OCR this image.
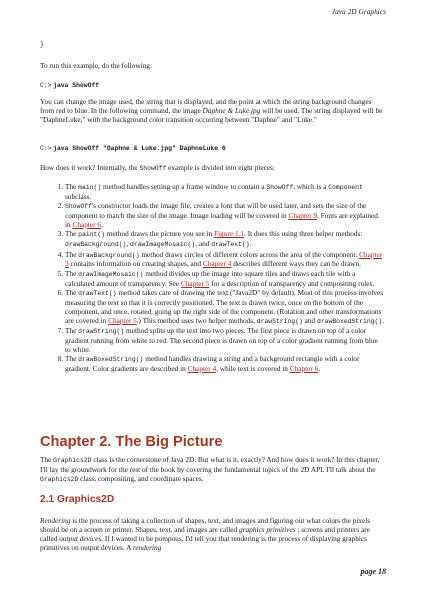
Java 2D Graphics
}

To run this example, do the following:

C:> java ShowOff

You can change the image used, the string that is displayed, and the point at which the string background changes from red to blue. In the following command, the image Daphne & Luke.jpg will be used. The string displayed will be "DaphneLuke," with the background color transition occurring between "Daphne" and "Luke."

C:> java ShowOff "Daphne & Luke.jpg" DaphneLuke 6

How does it work? Internally, the ShowOff example is divided into eight pieces:

1. The main() method handles setting up a frame window to contain a ShowOff, which is a Component subclass.
2. ShowOff's constructor loads the image file, creates a font that will be used later, and sets the size of the component to match the size of the image. Image loading will be covered in Chapter 9. Fonts are explained in Chapter 6.
3. The paint() method draws the picture you see in Figure 1.1. It does this using three helper methods: drawBackground(), drawImageMosaic(), and drawText().
4. The drawBackground() method draws circles of different colors across the area of the component. Chapter 3 contains information on creating shapes, and Chapter 4 describes different ways they can be drawn.
5. The drawImageMosaic() method divides up the image into square tiles and draws each tile with a calculated amount of transparency. See Chapter 5 for a description of transparency and compositing rules.
6. The drawText() method takes care of drawing the text ("Java2D" by default). Most of this process involves measuring the text so that it is correctly positioned. The text is drawn twice, once on the bottom of the component, and once, rotated, going up the right side of the component. (Rotation and other transformations are covered in Chapter 5.) This method uses two helper methods, drawString() and drawBoxedString().
7. The drawString() method splits up the text into two pieces. The first piece is drawn on top of a color gradient running from white to red. The second piece is drawn on top of a color gradient running from blue to white.
8. The drawBoxedString() method handles drawing a string and a background rectangle with a color gradient. Color gradients are described in Chapter 4, while text is covered in Chapter 6.
Chapter 2. The Big Picture

The Graphics2D class is the cornerstone of Java 2D. But what is it, exactly? And how does it work? In this chapter, I'll lay the groundwork for the rest of the book by covering the fundamental topics of the 2D API. I'll talk about the Graphics2D class, compositing, and coordinate spaces.

2.1 Graphics2D

Rendering is the process of taking a collection of shapes, text, and images and figuring out what colors the pixels should be on a screen or printer. Shapes, text, and images are called graphics primitives ; screens and printers are called output devices. If I wanted to be pompous, I'd tell you that rendering is the process of displaying graphics primitives on output devices. A rendering

page 18
